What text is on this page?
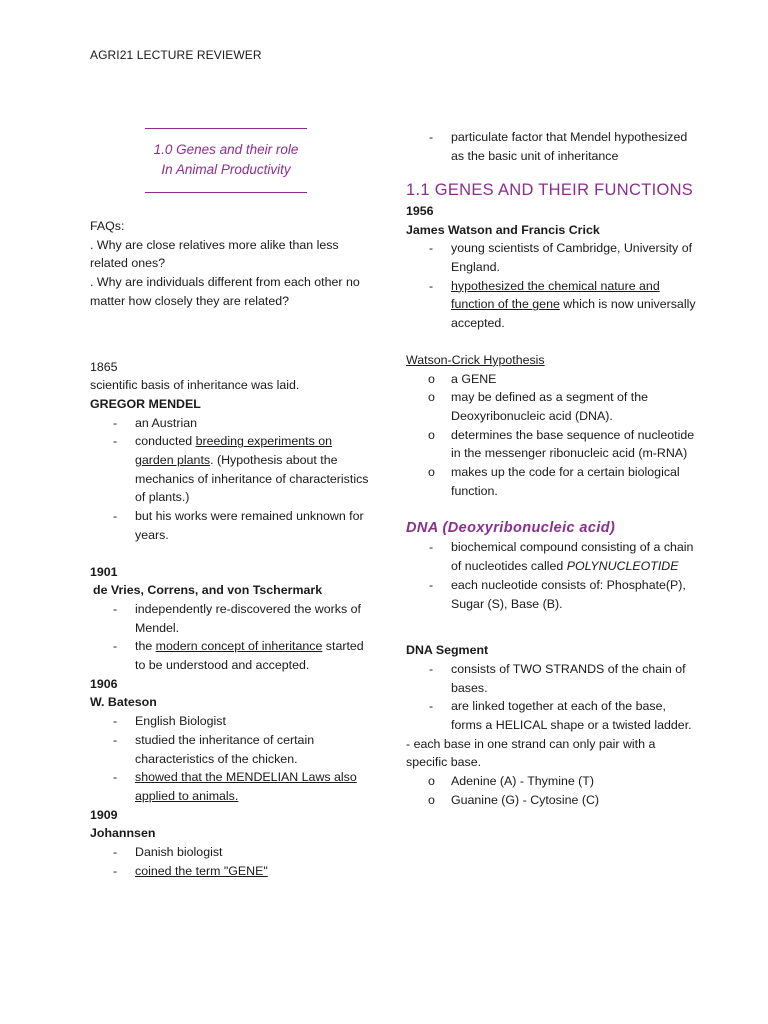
AGRI21 LECTURE REVIEWER
1.0 Genes and their role
In Animal Productivity

FAQs:

. Why are close relatives more alike than less related ones?

. Why are individuals different from each other no matter how closely they are related?

1865

scientific basis of inheritance was laid.

GREGOR MENDEL

- an Austrian
- conducted breeding experiments on garden plants. (Hypothesis about the mechanics of inheritance of characteristics of plants.)
- but his works were remained unknown for years.

1901

de Vries, Correns, and von Tschermark

- independently re-discovered the works of Mendel.
- the modern concept of inheritance started to be understood and accepted.

1906

W. Bateson

- English Biologist
- studied the inheritance of certain characteristics of the chicken.
- showed that the MENDELIAN Laws also applied to animals.

1909

Johannsen

- Danish biologist
- coined the term "GENE"
- particulate factor that Mendel hypothesized as the basic unit of inheritance

1.1 GENES AND THEIR FUNCTIONS

1956

James Watson and Francis Crick

- young scientists of Cambridge, University of England.
- hypothesized the chemical nature and function of the gene which is now universally accepted.

Watson-Crick Hypothesis

o a GENE
o may be defined as a segment of the Deoxyribonucleic acid (DNA).
o determines the base sequence of nucleotide in the messenger ribonucleic acid (m-RNA)
o makes up the code for a certain biological function.

DNA (Deoxyribonucleic acid)

- biochemical compound consisting of a chain of nucleotides called POLYNUCLEOTIDE
- each nucleotide consists of: Phosphate(P), Sugar (S), Base (B).

DNA Segment

- consists of TWO STRANDS of the chain of bases.
- are linked together at each of the base, forms a HELICAL shape or a twisted ladder.

- each base in one strand can only pair with a specific base.

o Adenine (A) - Thymine (T)
o Guanine (G) - Cytosine (C)
